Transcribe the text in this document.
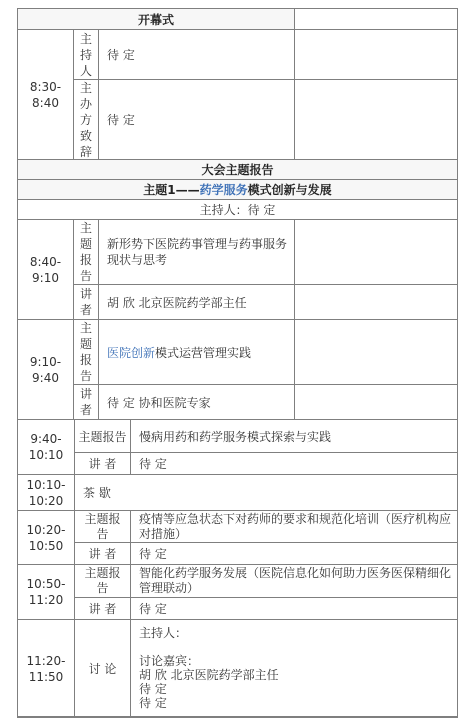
开幕式
8:30-8:40
主持人
待 定
主办方致辞
待 定
大会主题报告
主题1—— 药学服务 模式创新与发展
主持人：待 定
8:40-9:10
主题报告
新形势下医院药事管理与药事服务现状与思考
讲者
胡 欣 北京医院药学部主任
9:10-9:40
主题报告
医院创新模式运营管理实践
讲者
待 定 协和医院专家
9:40-10:10
主题报告 慢病用药和药学服务模式探索与实践
讲 者 待 定
10:10-10:20
茶 歇
10:20-10:50
主题报告
疫情等应急状态下对药师的要求和规范化培训（医疗机构应对措施）
讲 者 待 定
10:50-11:20
主题报告
智能化药学服务发展（医院信息化如何助力医务医保精细化管理联动）
讲 者 待 定
11:20-11:50
讨 论
主持人：
讨论嘉宾：
胡 欣 北京医院药学部主任
待 定
待 定
